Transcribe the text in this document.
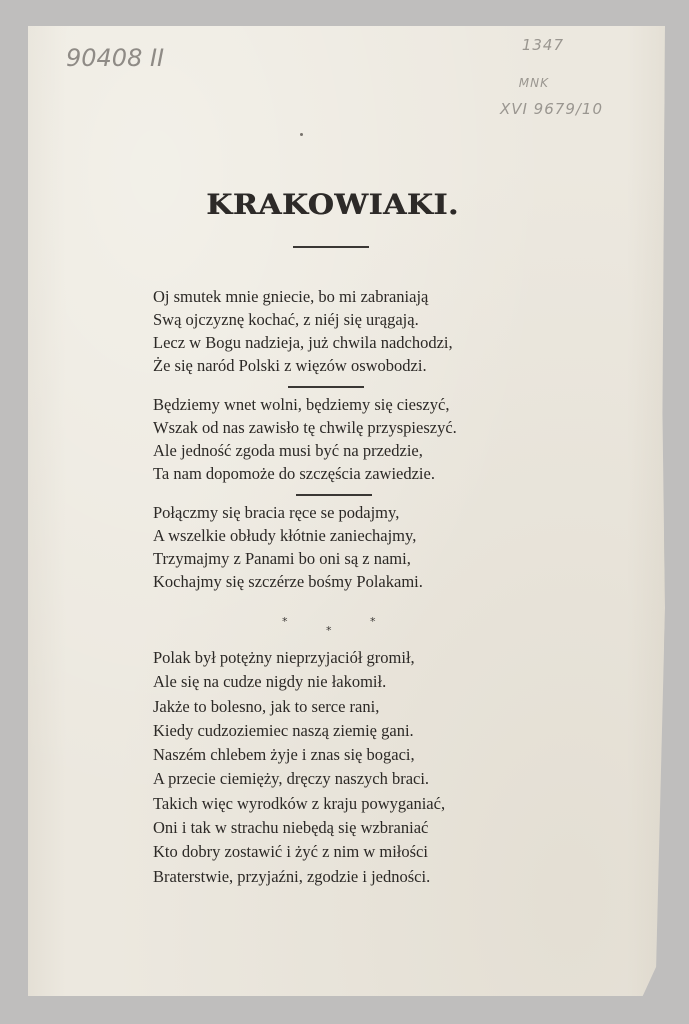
90408 II	1347
MNK
XVI 9679/10
KRAKOWIAKI.
Oj smutek mnie gniecie, bo mi zabraniają
Swą ojczyznę kochać, z niéj się urągają.
Lecz w Bogu nadzieja, już chwila nadchodzi,
Że się naród Polski z więzów oswobodzi.
Będziemy wnet wolni, będziemy się cieszyć,
Wszak od nas zawisło tę chwilę przyspieszyć.
Ale jedność zgoda musi być na przedzie,
Ta nam dopomoże do szczęścia zawiedzie.
Połączmy się bracia ręce se podajmy,
A wszelkie obłudy kłótnie zaniechajmy,
Trzymajmy z Panami bo oni są z nami,
Kochajmy się szczérze bośmy Polakami.
*
*
*
Polak był potężny nieprzyjaciół gromił,
Ale się na cudze nigdy nie łakomił.
Jakże to bolesno, jak to serce rani,
Kiedy cudzoziemiec naszą ziemię gani.
Naszém chlebem żyje i znas się bogaci,
A przecie ciemięży, dręczy naszych braci.
Takich więc wyrodków z kraju powyganiać,
Oni i tak w strachu niebędą się wzbraniać
Kto dobry zostawić i żyć z nim w miłości
Braterstwie, przyjaźni, zgodzie i jedności.
